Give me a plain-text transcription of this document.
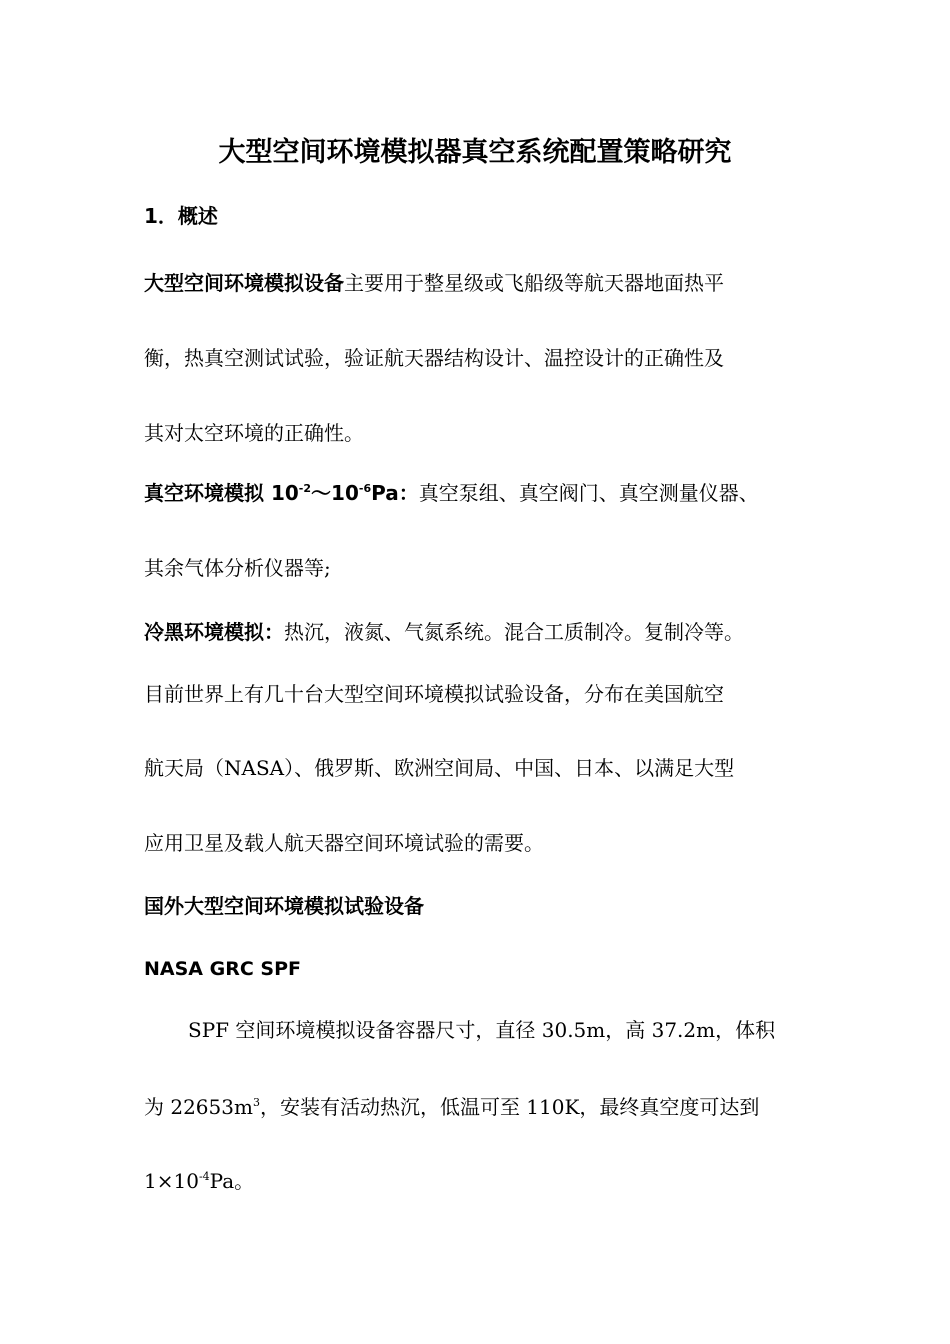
大型空间环境模拟器真空系统配置策略研究

1．概述

大型空间环境模拟设备主要用于整星级或飞船级等航天器地面热平

衡，热真空测试试验，验证航天器结构设计、温控设计的正确性及

其对太空环境的正确性。

真空环境模拟 $10^{-2}\sim 10^{-6}Pa$：真空泵组、真空阀门、真空测量仪器、

其余气体分析仪器等;

冷黑环境模拟：热沉，液氮、气氮系统。混合工质制冷。复制冷等。

目前世界上有几十台大型空间环境模拟试验设备，分布在美国航空

航天局（NASA）、俄罗斯、欧洲空间局、中国、日本、以满足大型

应用卫星及载人航天器空间环境试验的需要。

国外大型空间环境模拟试验设备

NASA GRC SPF

SPF 空间环境模拟设备容器尺寸，直径 30.5m，高 37.2m，体积

为 $22653m^3$，安装有活动热沉，低温可至 110K，最终真空度可达到

$1\times 10^{-4}Pa$。
